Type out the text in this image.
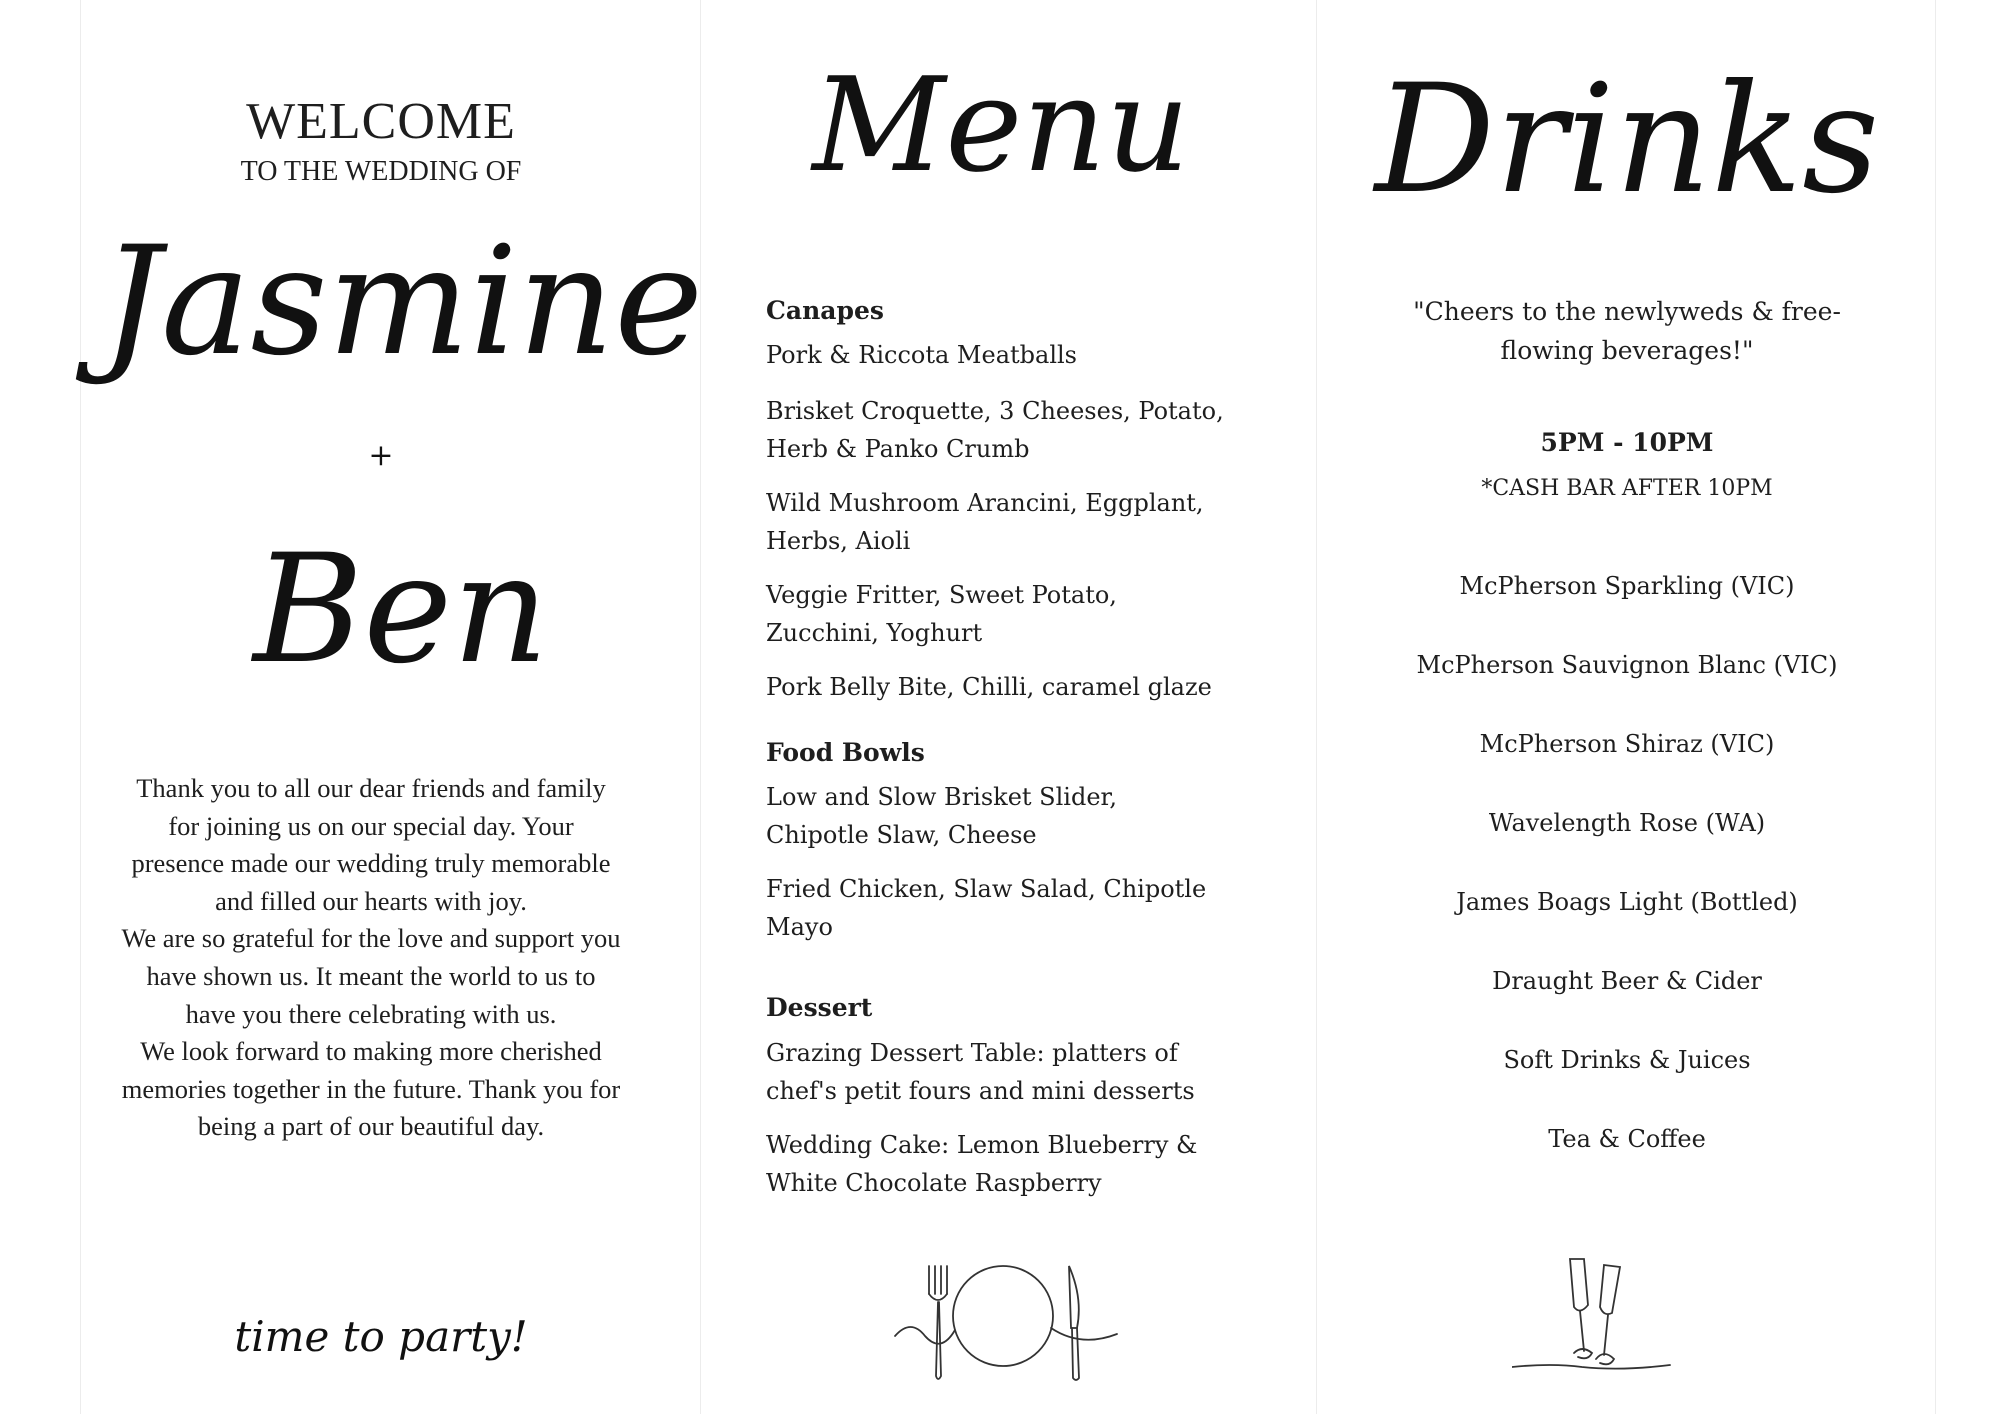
WELCOME
TO THE WEDDING OF
Jasmine
+
Ben

Thank you to all our dear friends and family for joining us on our special day. Your presence made our wedding truly memorable and filled our hearts with joy.

We are so grateful for the love and support you have shown us. It meant the world to us to have you there celebrating with us.

We look forward to making more cherished memories together in the future. Thank you for being a part of our beautiful day.

time to party!
Menu
Canapes
Pork & Riccota Meatballs
Brisket Croquette, 3 Cheeses, Potato, Herb & Panko Crumb
Wild Mushroom Arancini, Eggplant, Herbs, Aioli
Veggie Fritter, Sweet Potato, Zucchini, Yoghurt
Pork Belly Bite, Chilli, caramel glaze
Food Bowls
Low and Slow Brisket Slider, Chipotle Slaw, Cheese
Fried Chicken, Slaw Salad, Chipotle Mayo
Dessert
Grazing Dessert Table: platters of chef's petit fours and mini desserts
Wedding Cake: Lemon Blueberry & White Chocolate Raspberry
Drinks
"Cheers to the newlyweds & free-flowing beverages!"
5PM - 10PM
*CASH BAR AFTER 10PM
McPherson Sparkling (VIC)
McPherson Sauvignon Blanc (VIC)
McPherson Shiraz (VIC)
Wavelength Rose (WA)
James Boags Light (Bottled)
Draught Beer & Cider
Soft Drinks & Juices
Tea & Coffee
